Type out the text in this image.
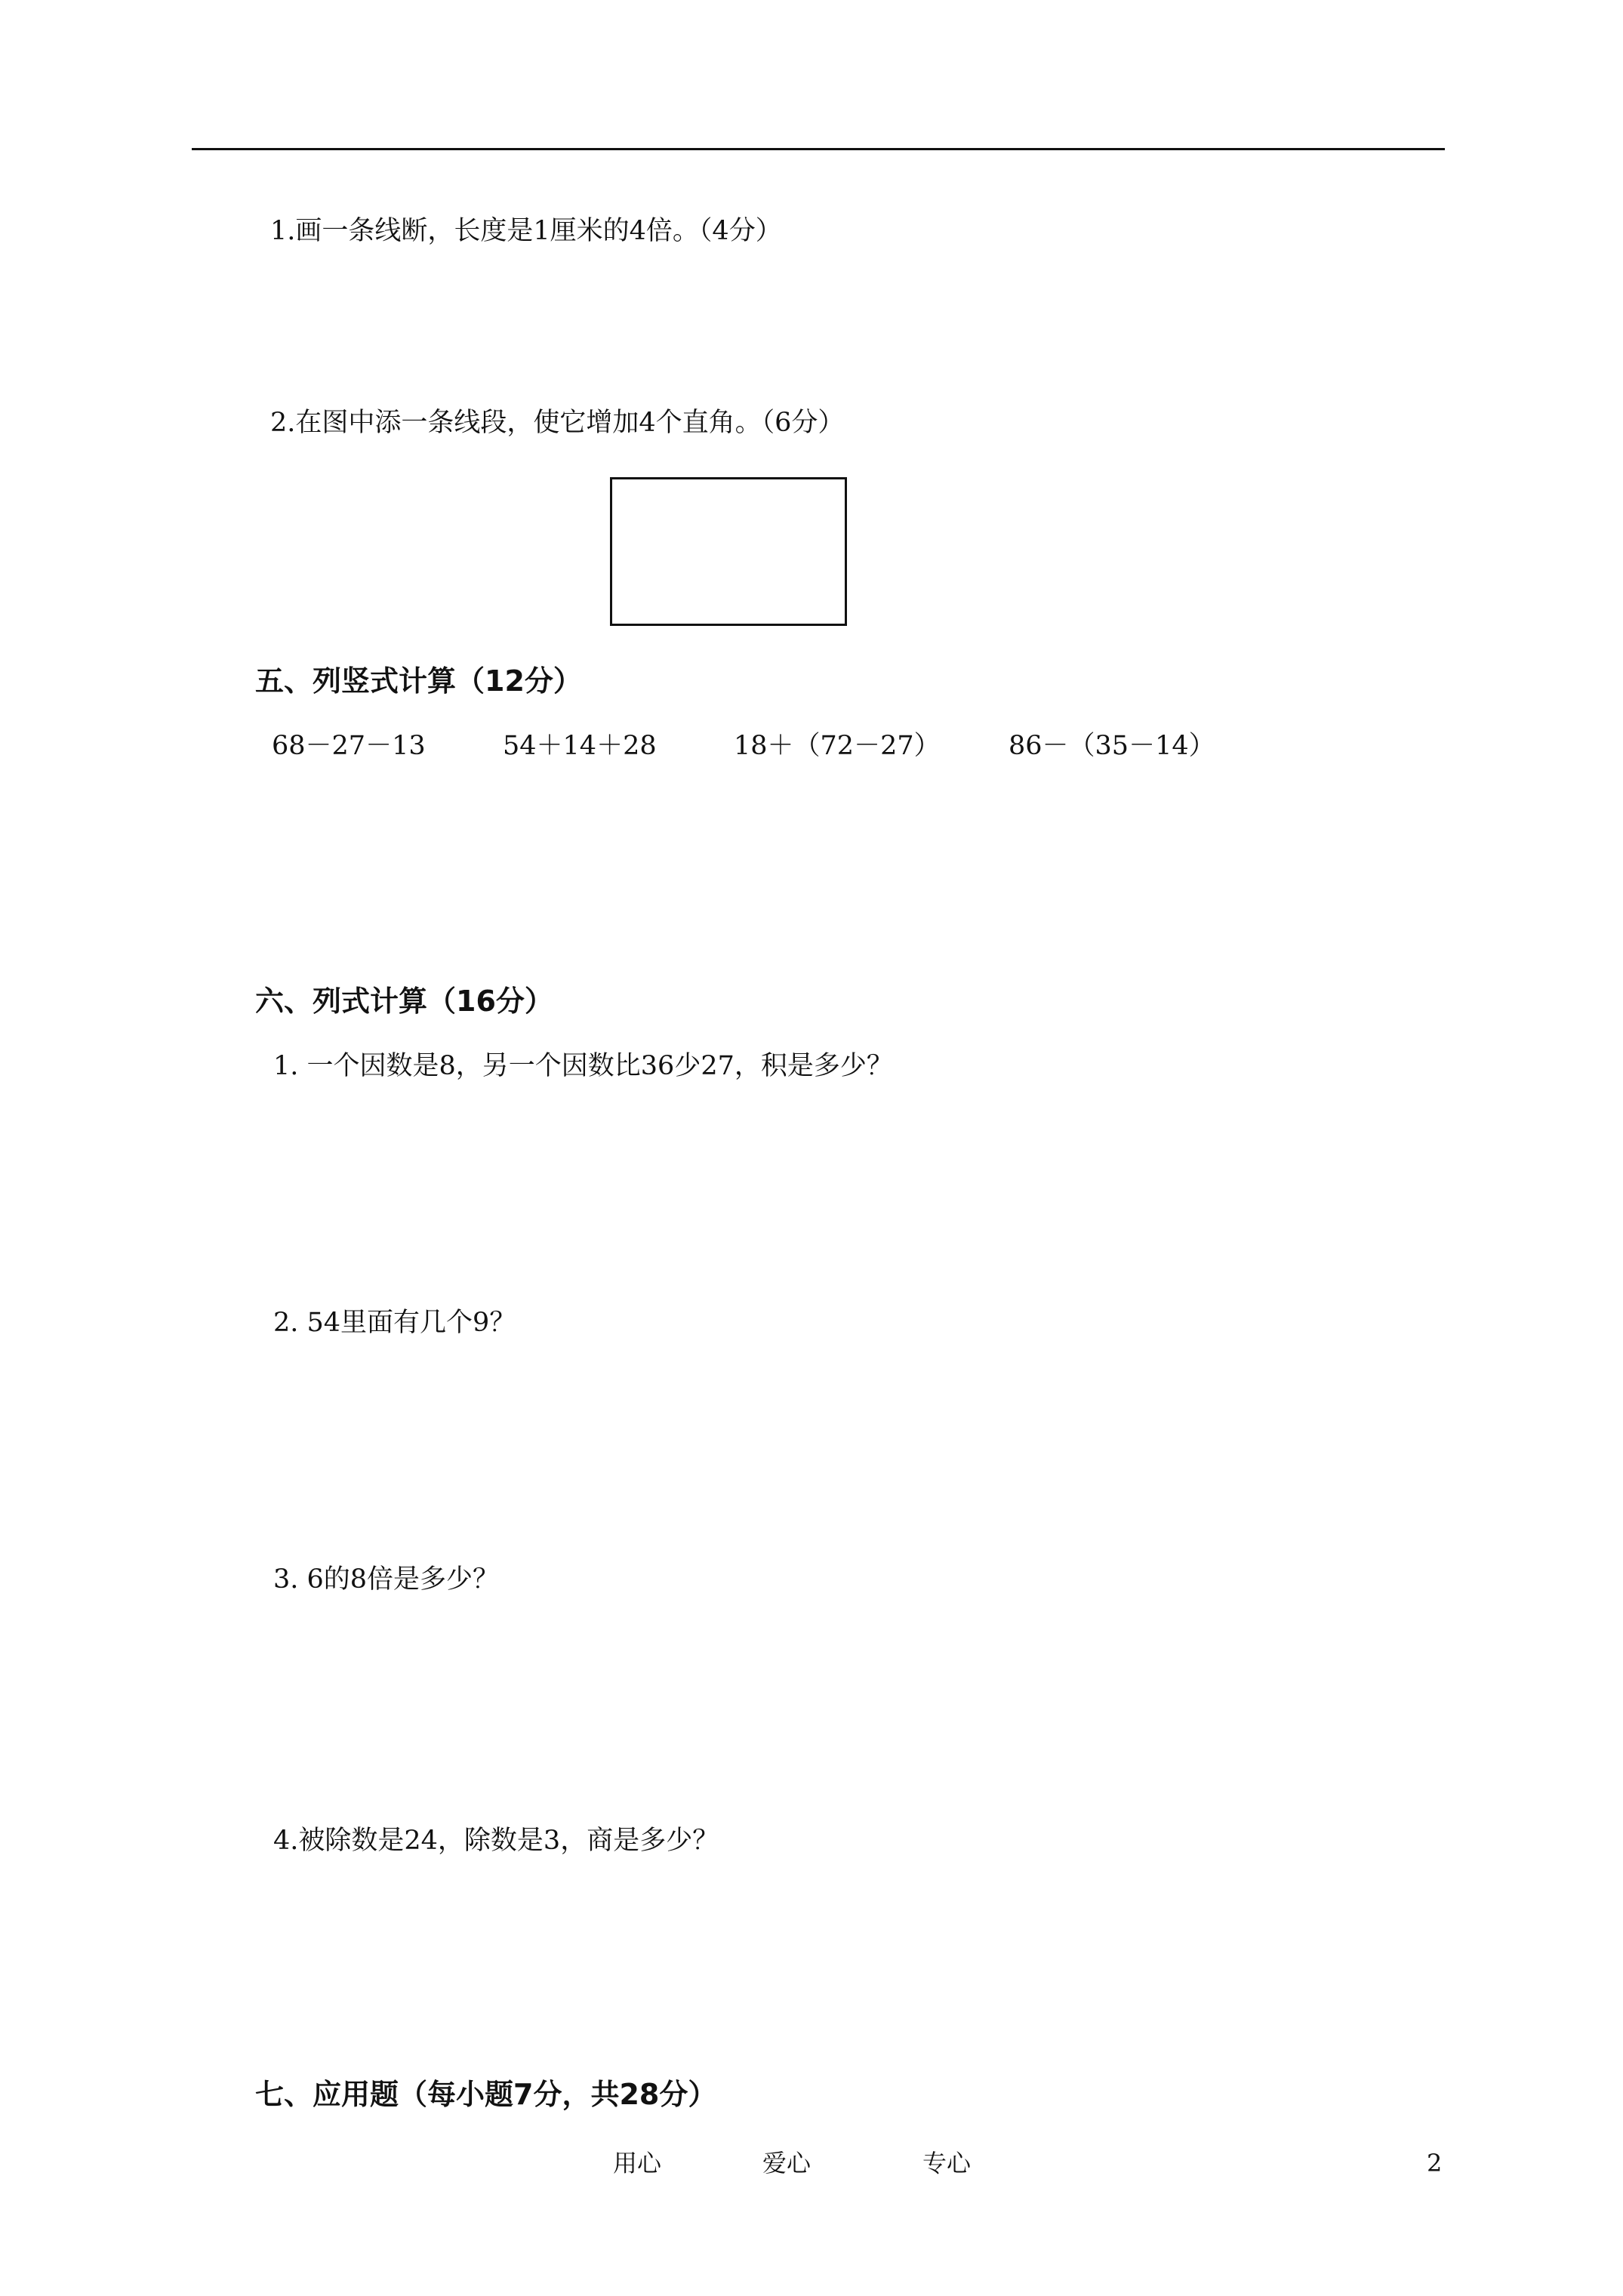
1.画一条线断，长度是1厘米的4倍。（4分）
2.在图中添一条线段，使它增加4个直角。（6分）
五、列竖式计算（12分）
68－27－13	54＋14＋28	18＋（72－27）	86－（35－14）
六、列式计算（16分）
1. 一个因数是8，另一个因数比36少27，积是多少？
2. 54里面有几个9？
3. 6的8倍是多少？
4.被除数是24，除数是3，商是多少？
七、应用题（每小题7分，共28分）
用心	爱心	专心	2
